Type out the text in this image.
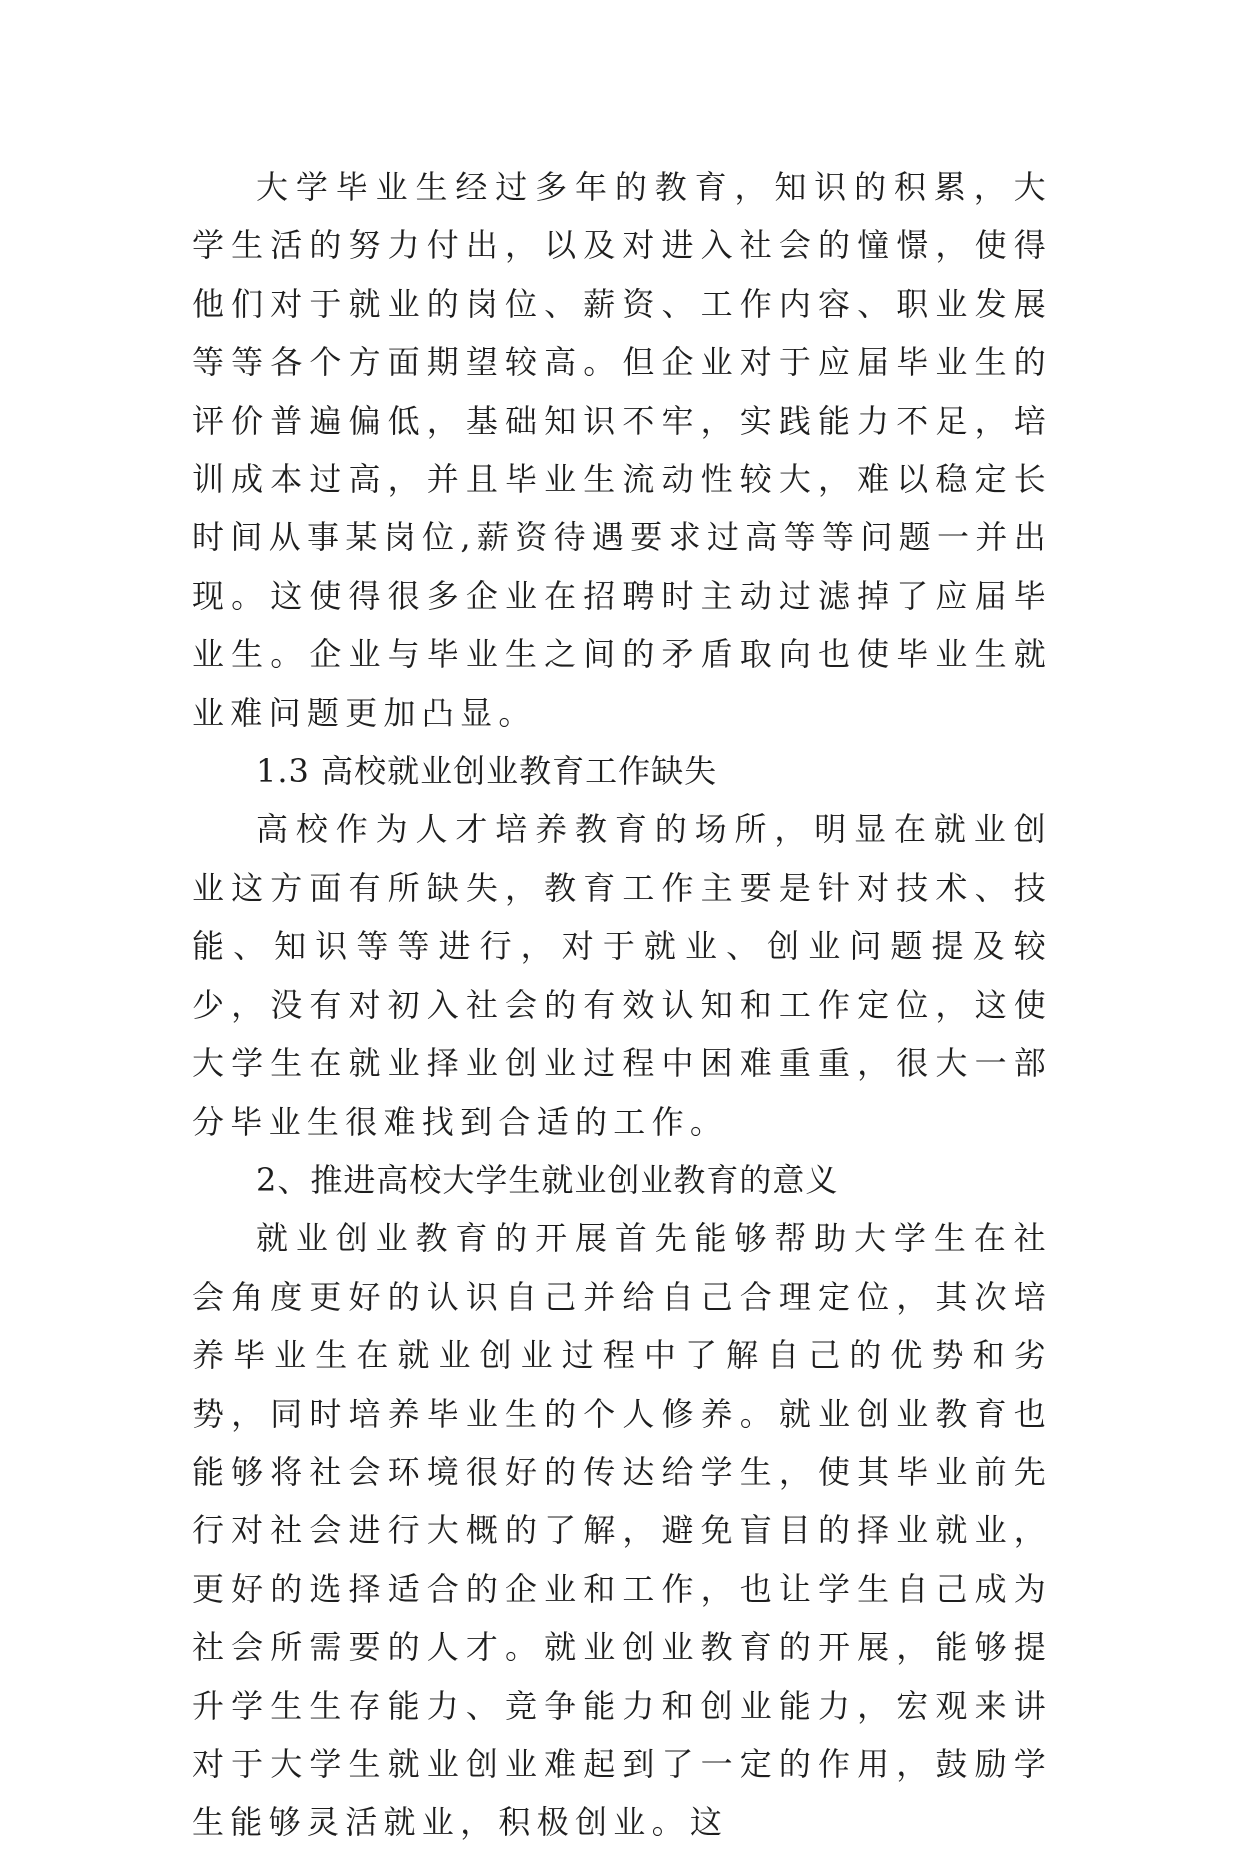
大学毕业生经过多年的教育，知识的积累，大学生活的努力付出，以及对进入社会的憧憬，使得他们对于就业的岗位、薪资、工作内容、职业发展等等各个方面期望较高。但企业对于应届毕业生的评价普遍偏低，基础知识不牢，实践能力不足，培训成本过高，并且毕业生流动性较大，难以稳定长时间从事某岗位,薪资待遇要求过高等等问题一并出现。这使得很多企业在招聘时主动过滤掉了应届毕业生。企业与毕业生之间的矛盾取向也使毕业生就业难问题更加凸显。

1.3 高校就业创业教育工作缺失

高校作为人才培养教育的场所，明显在就业创业这方面有所缺失，教育工作主要是针对技术、技能、知识等等进行，对于就业、创业问题提及较少，没有对初入社会的有效认知和工作定位，这使大学生在就业择业创业过程中困难重重，很大一部分毕业生很难找到合适的工作。

2、推进高校大学生就业创业教育的意义

就业创业教育的开展首先能够帮助大学生在社会角度更好的认识自己并给自己合理定位，其次培养毕业生在就业创业过程中了解自己的优势和劣势，同时培养毕业生的个人修养。就业创业教育也能够将社会环境很好的传达给学生，使其毕业前先行对社会进行大概的了解，避免盲目的择业就业，更好的选择适合的企业和工作，也让学生自己成为社会所需要的人才。就业创业教育的开展，能够提升学生生存能力、竞争能力和创业能力，宏观来讲对于大学生就业创业难起到了一定的作用，鼓励学生能够灵活就业，积极创业。这
